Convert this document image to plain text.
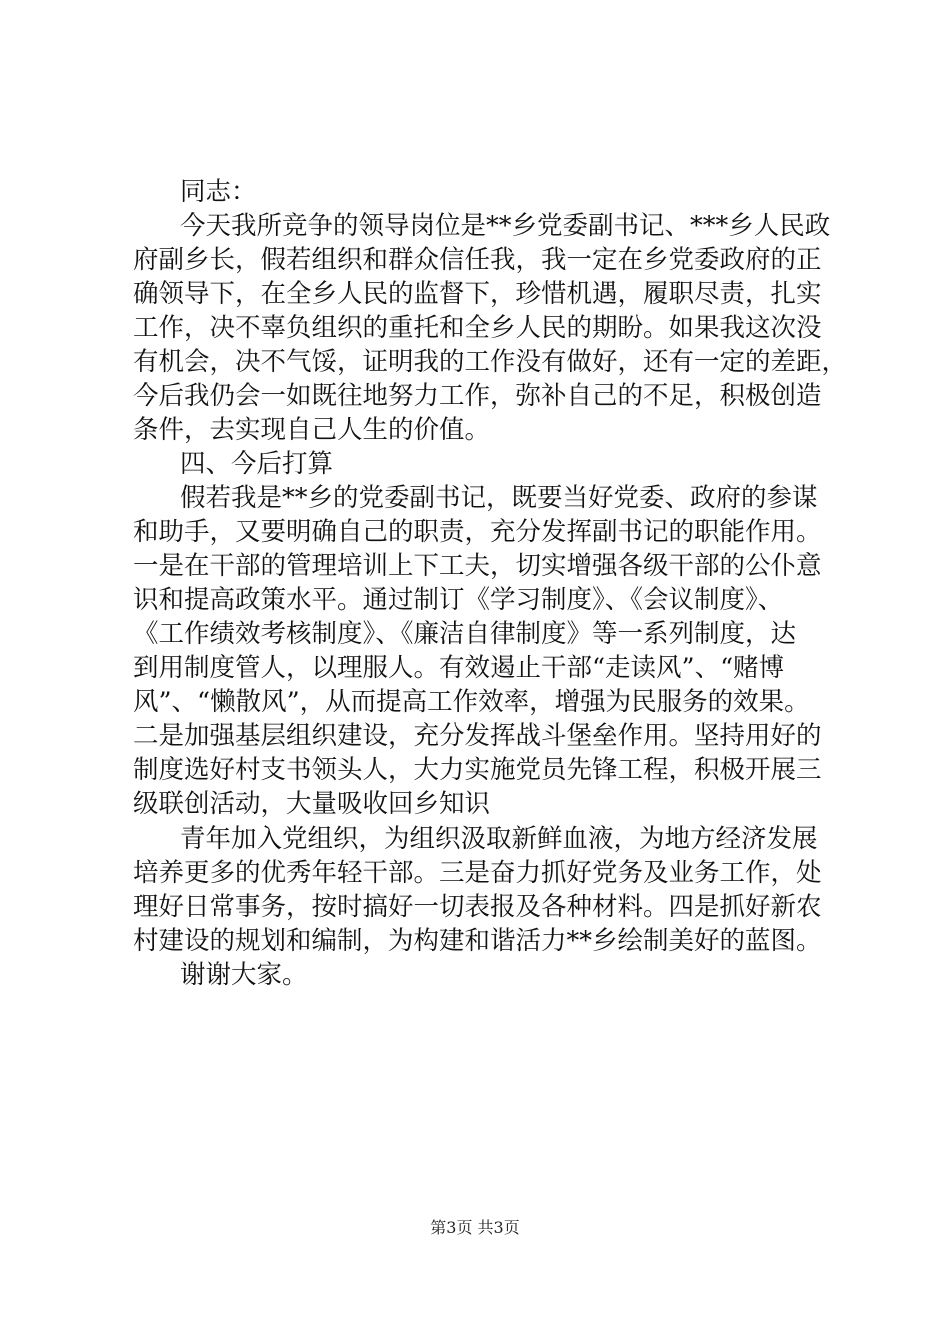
同志：
今天我所竞争的领导岗位是**乡党委副书记、***乡人民政
府副乡长，假若组织和群众信任我，我一定在乡党委政府的正
确领导下，在全乡人民的监督下，珍惜机遇，履职尽责，扎实
工作，决不辜负组织的重托和全乡人民的期盼。如果我这次没
有机会，决不气馁，证明我的工作没有做好，还有一定的差距，
今后我仍会一如既往地努力工作，弥补自己的不足，积极创造
条件，去实现自己人生的价值。
四、今后打算
假若我是**乡的党委副书记，既要当好党委、政府的参谋
和助手，又要明确自己的职责，充分发挥副书记的职能作用。
一是在干部的管理培训上下工夫，切实增强各级干部的公仆意
识和提高政策水平。通过制订《学习制度》、《会议制度》、
《工作绩效考核制度》、《廉洁自律制度》等一系列制度，达
到用制度管人，以理服人。有效遏止干部“走读风”、“赌博
风”、“懒散风”，从而提高工作效率，增强为民服务的效果。
二是加强基层组织建设，充分发挥战斗堡垒作用。坚持用好的
制度选好村支书领头人，大力实施党员先锋工程，积极开展三
级联创活动，大量吸收回乡知识
青年加入党组织，为组织汲取新鲜血液，为地方经济发展
培养更多的优秀年轻干部。三是奋力抓好党务及业务工作，处
理好日常事务，按时搞好一切表报及各种材料。四是抓好新农
村建设的规划和编制，为构建和谐活力**乡绘制美好的蓝图。
谢谢大家。
第3页 共3页
